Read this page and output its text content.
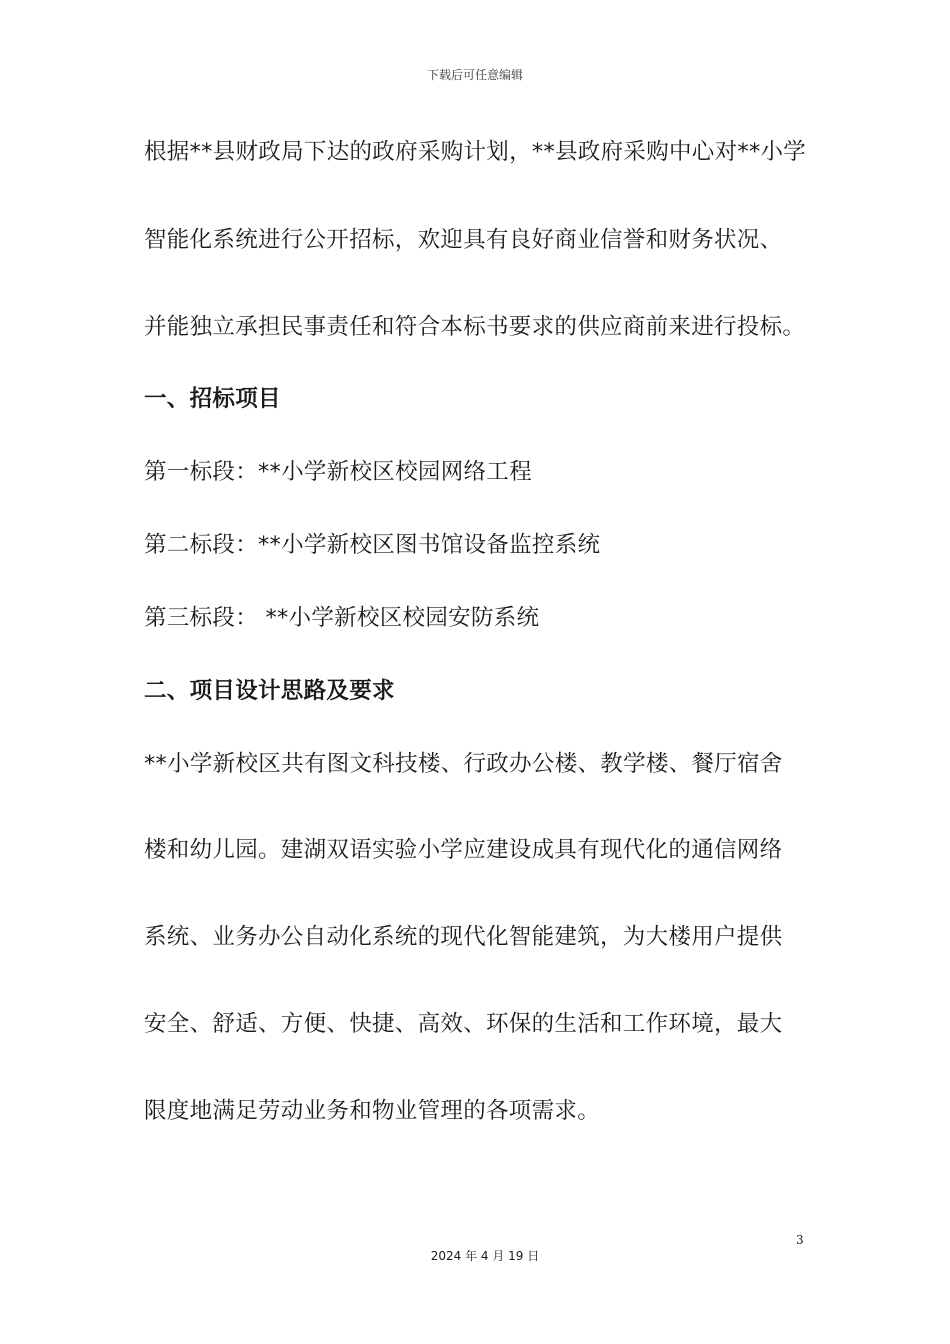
下载后可任意编辑
根据**县财政局下达的政府采购计划，**县政府采购中心对**小学
智能化系统进行公开招标，欢迎具有良好商业信誉和财务状况、
并能独立承担民事责任和符合本标书要求的供应商前来进行投标。
一、招标项目
第一标段：**小学新校区校园网络工程
第二标段：**小学新校区图书馆设备监控系统
第三标段： **小学新校区校园安防系统
二、项目设计思路及要求
**小学新校区共有图文科技楼、行政办公楼、教学楼、餐厅宿舍
楼和幼儿园。建湖双语实验小学应建设成具有现代化的通信网络
系统、业务办公自动化系统的现代化智能建筑，为大楼用户提供
安全、舒适、方便、快捷、高效、环保的生活和工作环境，最大
限度地满足劳动业务和物业管理的各项需求。
3
2024 年 4 月 19 日
